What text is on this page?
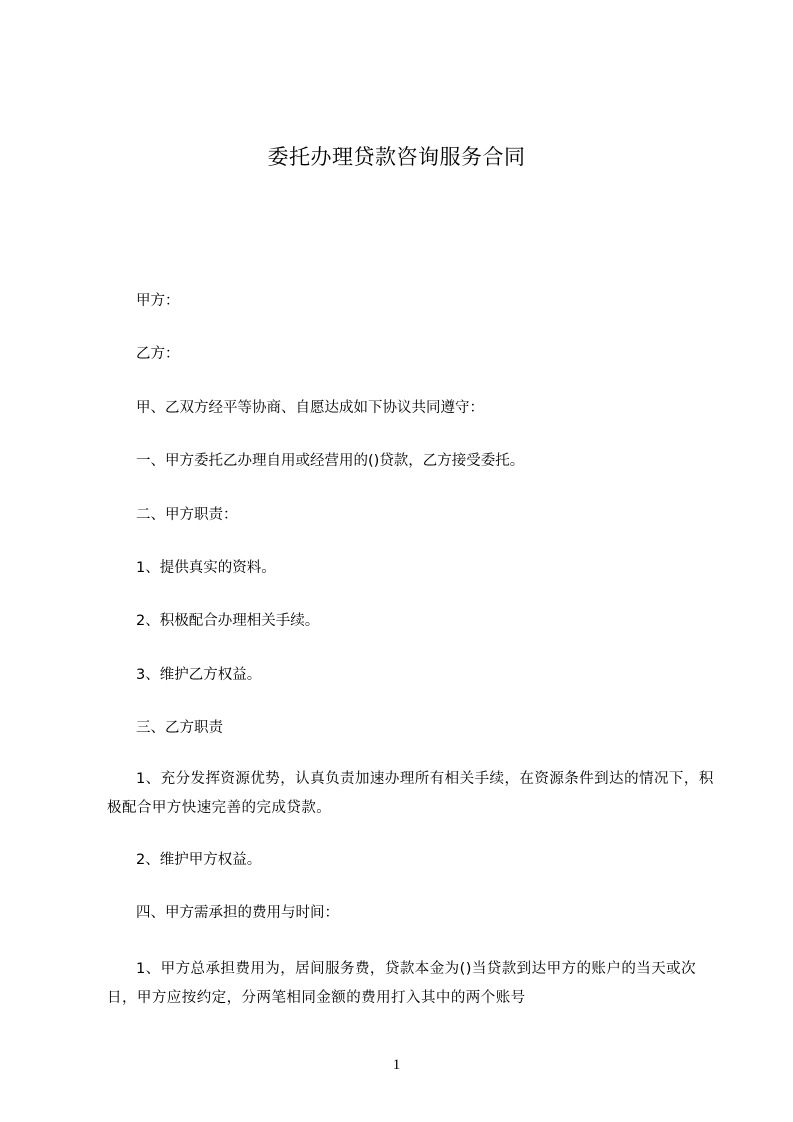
委托办理贷款咨询服务合同
甲方：
乙方：
甲、乙双方经平等协商、自愿达成如下协议共同遵守：
一、甲方委托乙办理自用或经营用的()贷款，乙方接受委托。
二、甲方职责：
1、提供真实的资料。
2、积极配合办理相关手续。
3、维护乙方权益。
三、乙方职责
1、充分发挥资源优势，认真负责加速办理所有相关手续，在资源条件到达的情况下，积极配合甲方快速完善的完成贷款。
2、维护甲方权益。
四、甲方需承担的费用与时间：
1、甲方总承担费用为，居间服务费，贷款本金为()当贷款到达甲方的账户的当天或次日，甲方应按约定，分两笔相同金额的费用打入其中的两个账号
1
